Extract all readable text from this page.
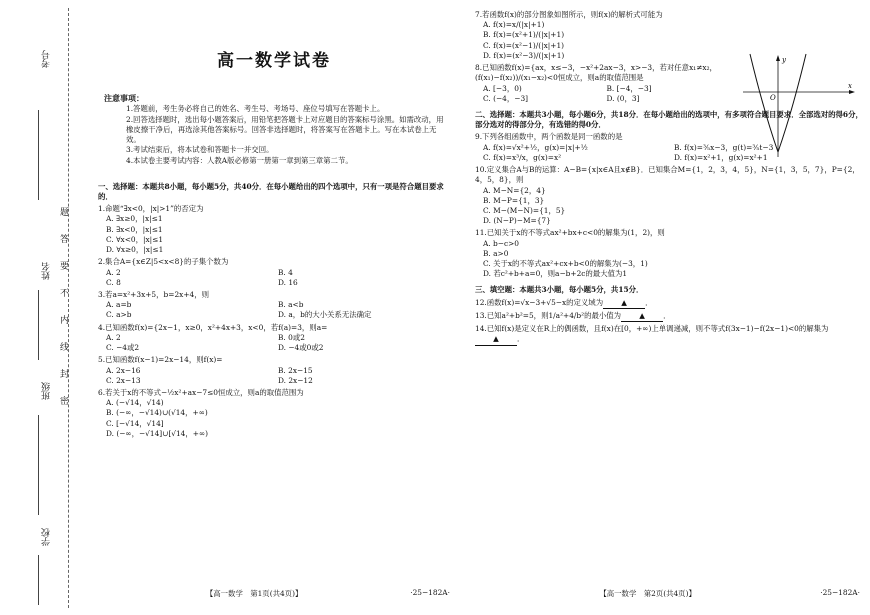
考号
姓名
班级
学校
题
答
要
不
内
线
封
密
高一数学试卷
注意事项：
1.答题前，考生务必将自己的姓名、考生号、考场号、座位号填写在答题卡上。
2.回答选择题时，选出每小题答案后，用铅笔把答题卡上对应题目的答案标号涂黑。如需改动，用橡皮擦干净后，再选涂其他答案标号。回答非选择题时，将答案写在答题卡上。写在本试卷上无效。
3.考试结束后，将本试卷和答题卡一并交回。
4.本试卷主要考试内容：人教A版必修第一册第一章到第三章第二节。
一、选择题：本题共8小题，每小题5分，共40分．在每小题给出的四个选项中，只有一项是符合题目要求的．
1.命题“∃x<0，|x|>1”的否定为
A. ∃x≥0，|x|≤1
B. ∃x<0，|x|≤1
C. ∀x<0，|x|≤1
D. ∀x≥0，|x|≤1
2.集合A={x∈Z|5<x<8}的子集个数为
A. 2	B. 4
C. 8	D. 16
3.若a=x²+3x+5，b=2x+4，则
A. a=b	B. a<b
C. a>b	D. a，b的大小关系无法确定
4.已知函数f(x)={2x−1，x≥0，x²+4x+3，x<0，若f(a)=3，则a=
A. 2	B. 0或2
C. −4或2	D. −4或0或2
5.已知函数f(x−1)=2x−14，则f(x)=
A. 2x−16	B. 2x−15
C. 2x−13	D. 2x−12
6.若关于x的不等式−½x²+ax−7≤0恒成立，则a的取值范围为
A. (−√14，√14)
B. (−∞，−√14)∪(√14，+∞)
C. [−√14，√14]
D. (−∞，−√14]∪[√14，+∞)
7.若函数f(x)的部分图象如图所示，则f(x)的解析式可能为
A. f(x)=x/(|x|+1)
B. f(x)=(x²+1)/(|x|+1)
C. f(x)=(x²−1)/(|x|+1)
D. f(x)=(x²−3)/(|x|+1)
8.已知函数f(x)={ax，x≤−3，−x²+2ax−3，x>−3，若对任意x₁≠x₂，(f(x₁)−f(x₂))/(x₁−x₂)<0恒成立，则a的取值范围是
A. [−3，0)	B. [−4，−3]
C. (−4，−3]	D. (0，3]
二、选择题：本题共3小题，每小题6分，共18分．在每小题给出的选项中，有多项符合题目要求．全部选对的得6分，部分选对的得部分分，有选错的得0分．
9.下列各组函数中，两个函数是同一函数的是
A. f(x)=√x²+½，g(x)=|x|+½	B. f(x)=⅗x−3，g(t)=⅗t−3
C. f(x)=x³/x，g(x)=x²	D. f(x)=x²+1，g(x)=x²+1
10.定义集合A与B的运算：A−B={x|x∈A且x∉B}．已知集合M={1，2，3，4，5}，N={1，3，5，7}，P={2，4，5，8}，则
A. M−N={2，4}
B. M−P={1，3}
C. M−(M−N)={1，5}
D. (N−P)−M={7}
11.已知关于x的不等式ax²+bx+c<0的解集为(1，2)，则
A. b−c>0
B. a>0
C. 关于x的不等式ax²+cx+b<0的解集为(−3，1)
D. 若c²+b+a=0，则a−b+2c的最大值为1
三、填空题：本题共3小题，每小题5分，共15分．
12.函数f(x)=√x−3+√5−x的定义域为 ▲ ．
13.已知a²+b²=5，则1/a²+4/b²的最小值为 ▲ ．
14.已知f(x)是定义在R上的偶函数，且f(x)在[0，+∞)上单调递减，则不等式f(3x−1)−f(2x−1)<0的解集为▲ ．
y
x
O
【高一数学　第1页(共4页)】	·25−182A·	【高一数学　第2页(共4页)】	·25−182A·
